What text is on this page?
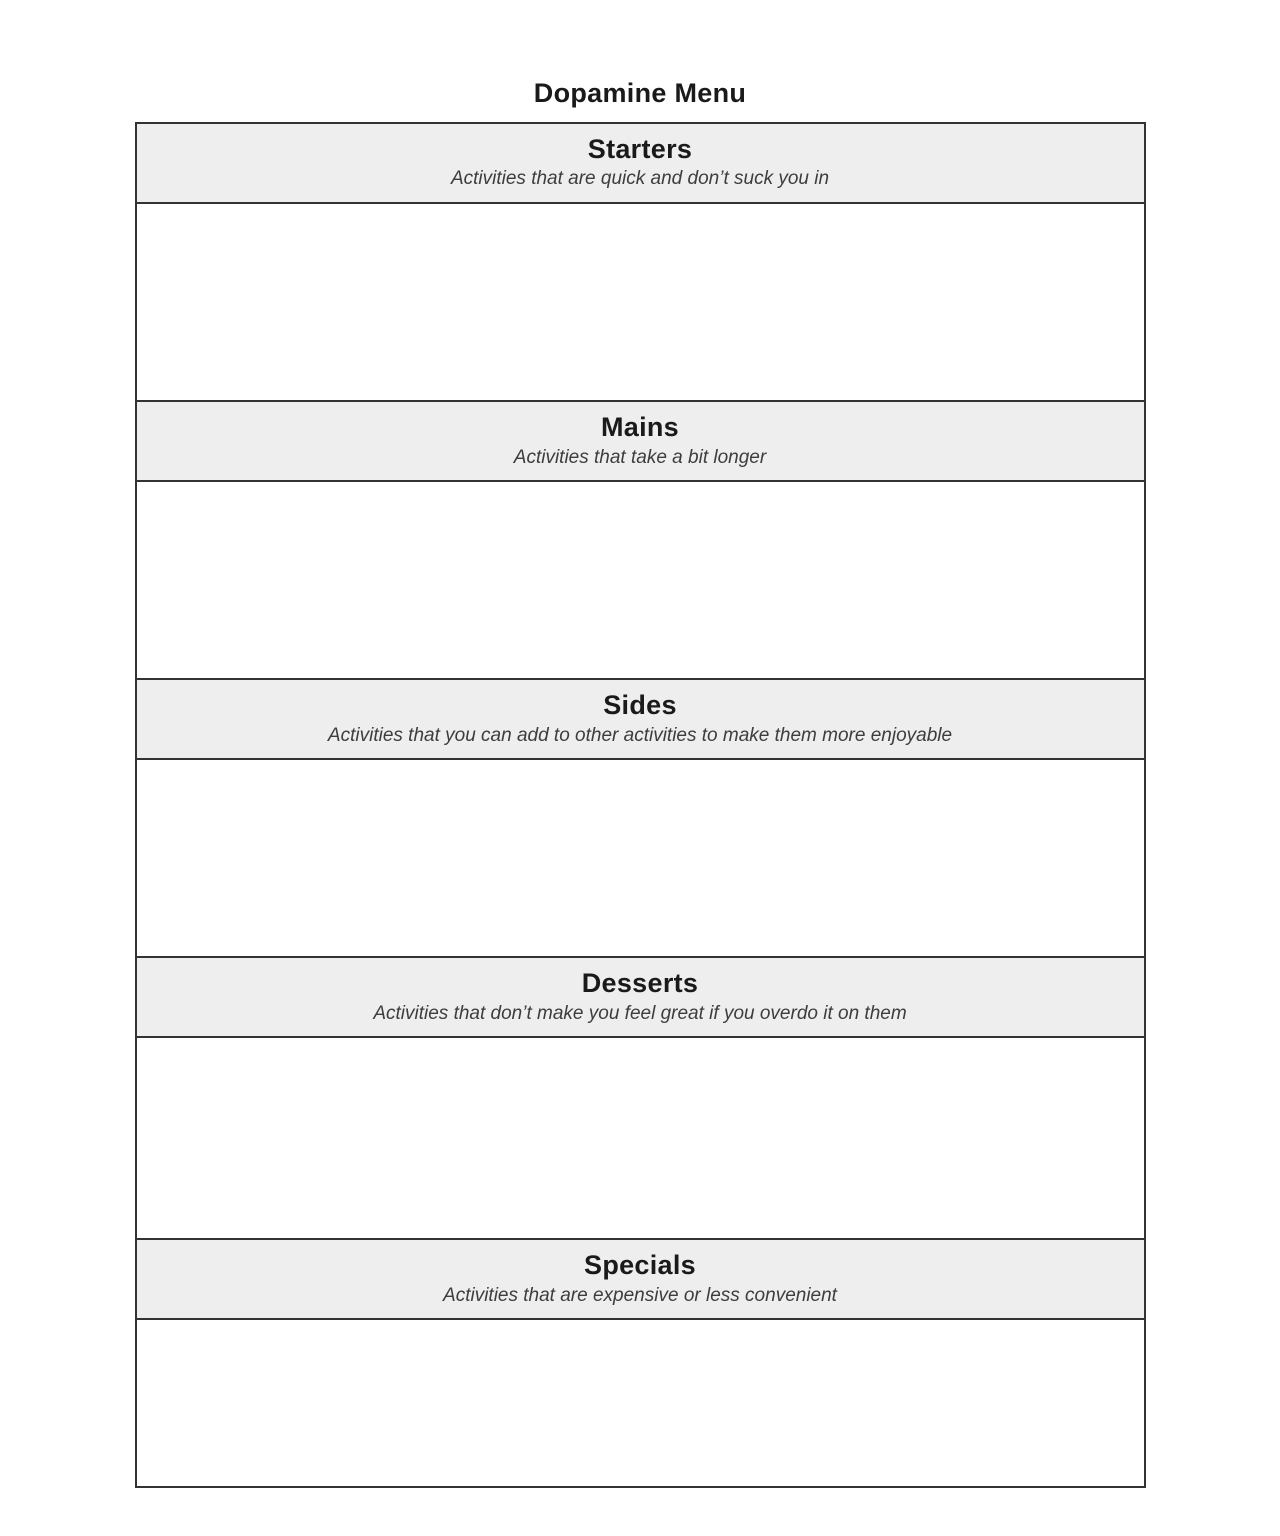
Dopamine Menu
Starters
Activities that are quick and don’t suck you in
Mains
Activities that take a bit longer
Sides
Activities that you can add to other activities to make them more enjoyable
Desserts
Activities that don’t make you feel great if you overdo it on them
Specials
Activities that are expensive or less convenient
